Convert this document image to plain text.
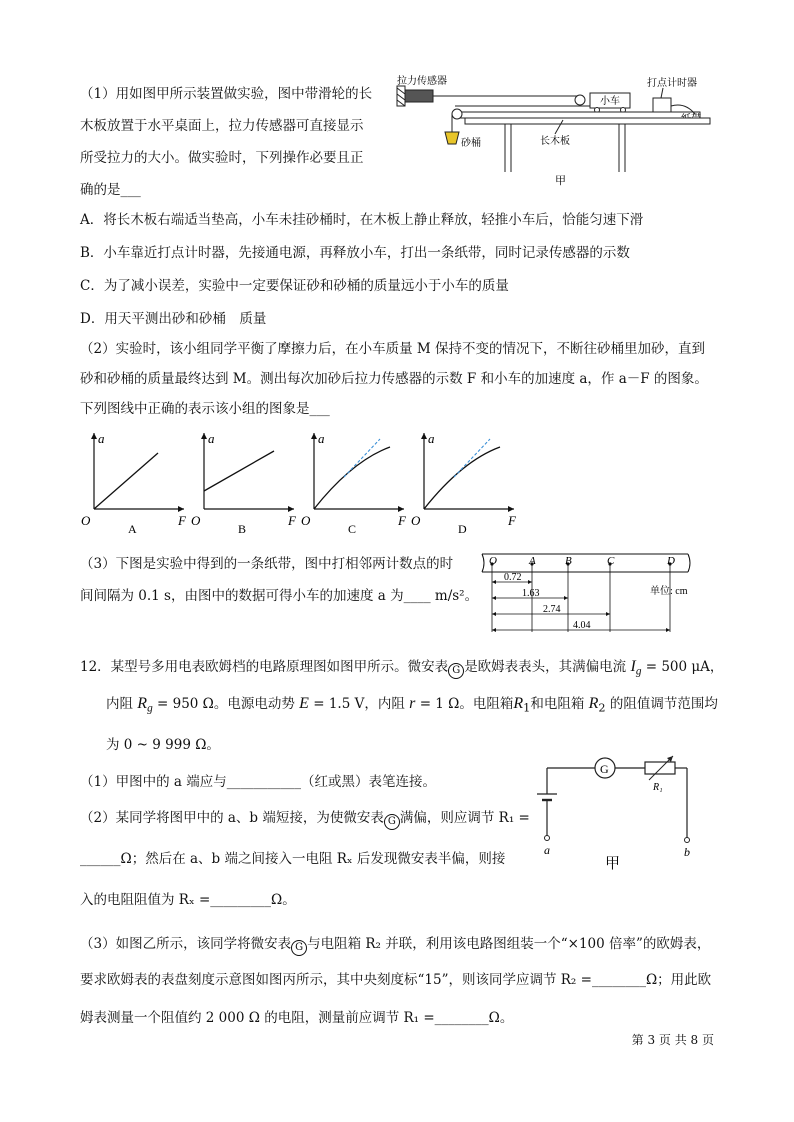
（1）用如图甲所示装置做实验，图中带滑轮的长
木板放置于水平桌面上，拉力传感器可直接显示
所受拉力的大小。做实验时，下列操作必要且正
确的是___
拉力传感器
小车
打点计时器
砂桶	长木板
甲
A．将长木板右端适当垫高，小车未挂砂桶时，在木板上静止释放，轻推小车后，恰能匀速下滑
B．小车靠近打点计时器，先接通电源，再释放小车，打出一条纸带，同时记录传感器的示数
C．为了减小误差，实验中一定要保证砂和砂桶的质量远小于小车的质量
D．用天平测出砂和砂桶　质量
（2）实验时，该小组同学平衡了摩擦力后，在小车质量 M 保持不变的情况下，不断往砂桶里加砂，直到
砂和砂桶的质量最终达到 M。测出每次加砂后拉力传感器的示数 F 和小车的加速度 a，作 a－F 的图象。
下列图线中正确的表示该小组的图象是___
a
F
O
A
a
F
O
B
a
F
O
C
a
F
O
D
（3）下图是实验中得到的一条纸带，图中打相邻两计数点的时
间间隔为 0.1 s，由图中的数据可得小车的加速度 a 为____ m/s²。
O	A	B	C	D
0.72
1.63
2.74
4.04
单位: cm
12．某型号多用电表欧姆档的电路原理图如图甲所示。微安表 G 是欧姆表表头，其满偏电流 $I_g = 500$ μA，
内阻 $R_g = 950$ Ω。电源电动势 E = 1.5 V，内阻 r = 1 Ω。电阻箱$R_1$和电阻箱 $R_2$ 的阻值调节范围均
为 0 ~ 9 999 Ω。
（1）甲图中的 a 端应与___________（红或黑）表笔连接。
（2）某同学将图甲中的 a、b 端短接，为使微安表 G 满偏，则应调节 R₁ =
______Ω；然后在 a、b 端之间接入一电阻 Rₓ 后发现微安表半偏，则接
入的电阻阻值为 Rₓ =_________Ω。
G
R₁
b
a
甲
（3）如图乙所示，该同学将微安表 G 与电阻箱 R₂ 并联，利用该电路图组装一个“×100 倍率”的欧姆表，
要求欧姆表的表盘刻度示意图如图丙所示，其中央刻度标“15”，则该同学应调节 R₂ =________Ω；用此欧
姆表测量一个阻值约 2 000 Ω 的电阻，测量前应调节 R₁ =________Ω。
第 3 页 共 8 页
